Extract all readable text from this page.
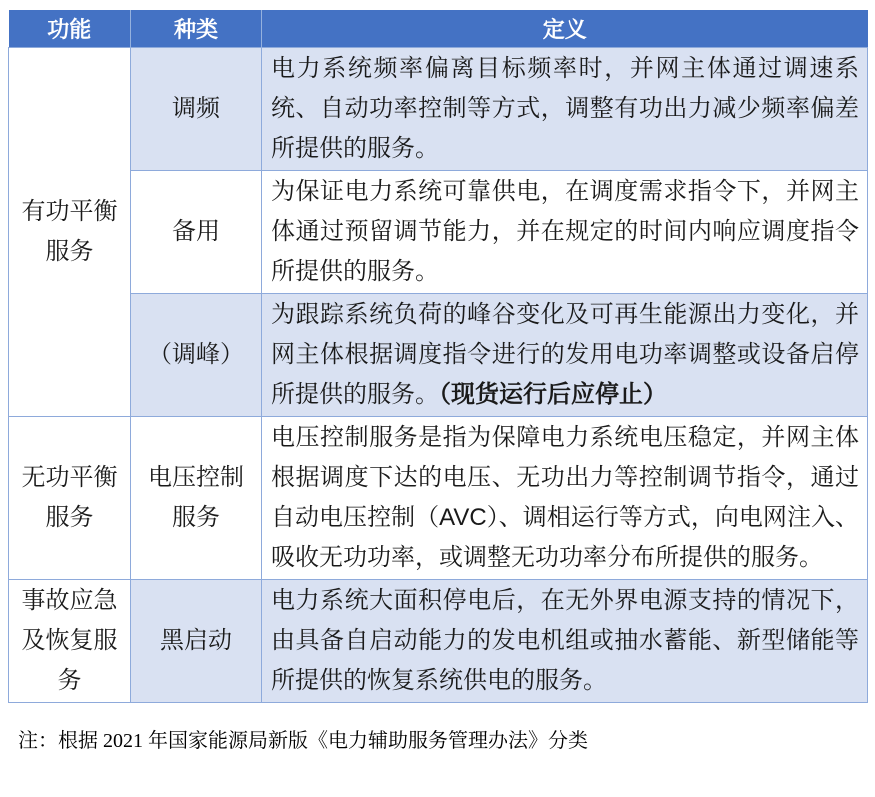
功能	种类	定义
有功平衡服务	调频	电力系统频率偏离目标频率时，并网主体通过调速系统、自动功率控制等方式，调整有功出力减少频率偏差所提供的服务。
	备用	为保证电力系统可靠供电，在调度需求指令下，并网主体通过预留调节能力，并在规定的时间内响应调度指令所提供的服务。
	（调峰）	为跟踪系统负荷的峰谷变化及可再生能源出力变化，并网主体根据调度指令进行的发用电功率调整或设备启停所提供的服务。（现货运行后应停止）
无功平衡服务	电压控制服务	电压控制服务是指为保障电力系统电压稳定，并网主体根据调度下达的电压、无功出力等控制调节指令，通过自动电压控制（AVC）、调相运行等方式，向电网注入、吸收无功功率，或调整无功功率分布所提供的服务。
事故应急及恢复服务	黑启动	电力系统大面积停电后，在无外界电源支持的情况下，由具备自启动能力的发电机组或抽水蓄能、新型储能等所提供的恢复系统供电的服务。
注：根据 2021 年国家能源局新版《电力辅助服务管理办法》分类
